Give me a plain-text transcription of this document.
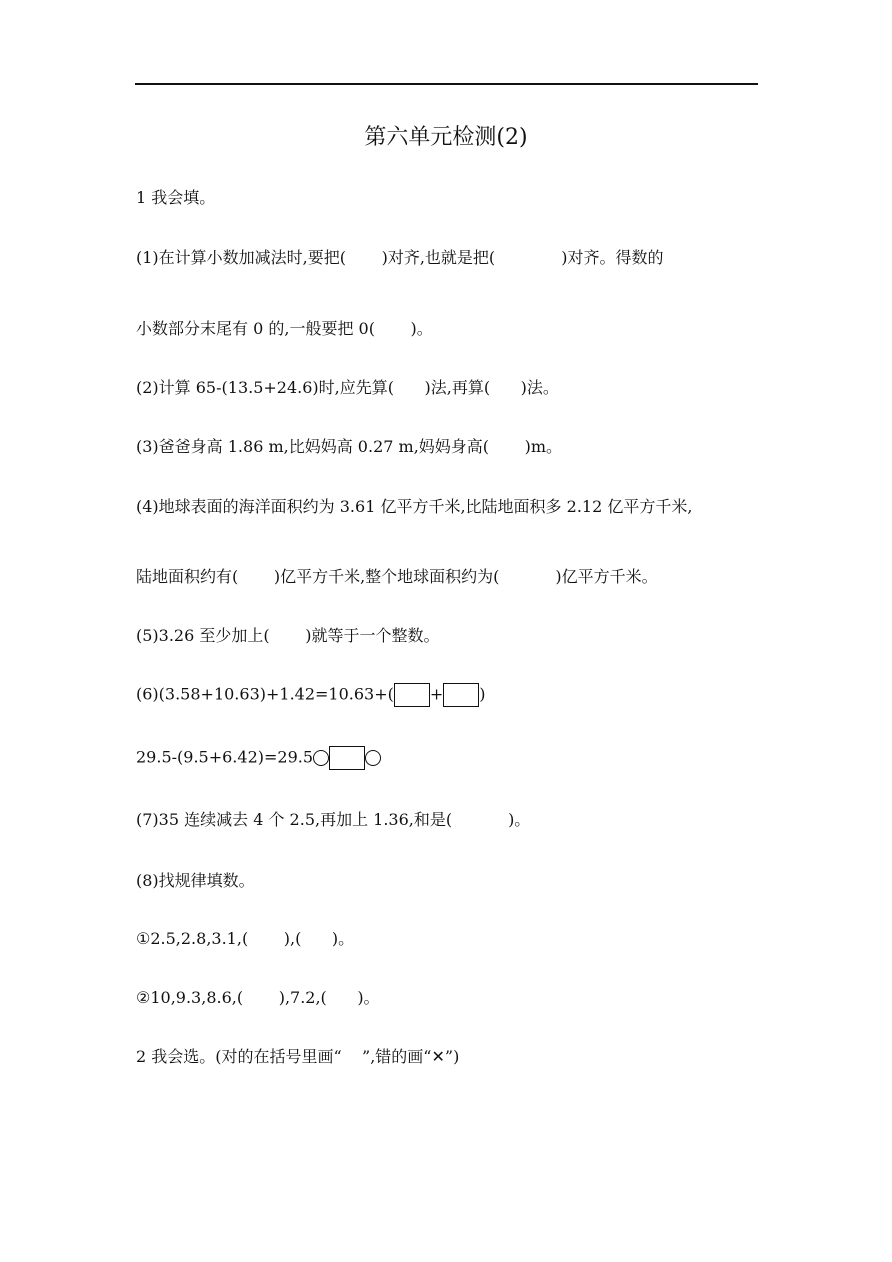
第六单元检测(2)
1 我会填。
(1)在计算小数加减法时,要把(       )对齐,也就是把(             )对齐。得数的
小数部分末尾有 0 的,一般要把 0(       )。
(2)计算 65-(13.5+24.6)时,应先算(      )法,再算(      )法。
(3)爸爸身高 1.86 m,比妈妈高 0.27 m,妈妈身高(       )m。
(4)地球表面的海洋面积约为 3.61 亿平方千米,比陆地面积多 2.12 亿平方千米,
陆地面积约有(       )亿平方千米,整个地球面积约为(           )亿平方千米。
(5)3.26 至少加上(       )就等于一个整数。
(6)(3.58+10.63)+1.42=10.63+( + )
29.5-(9.5+6.42)=29.5
(7)35 连续减去 4 个 2.5,再加上 1.36,和是(           )。
(8)找规律填数。
①2.5,2.8,3.1,(       ),(      )。
②10,9.3,8.6,(       ),7.2,(      )。
2 我会选。(对的在括号里画“    ”,错的画“✕”)
